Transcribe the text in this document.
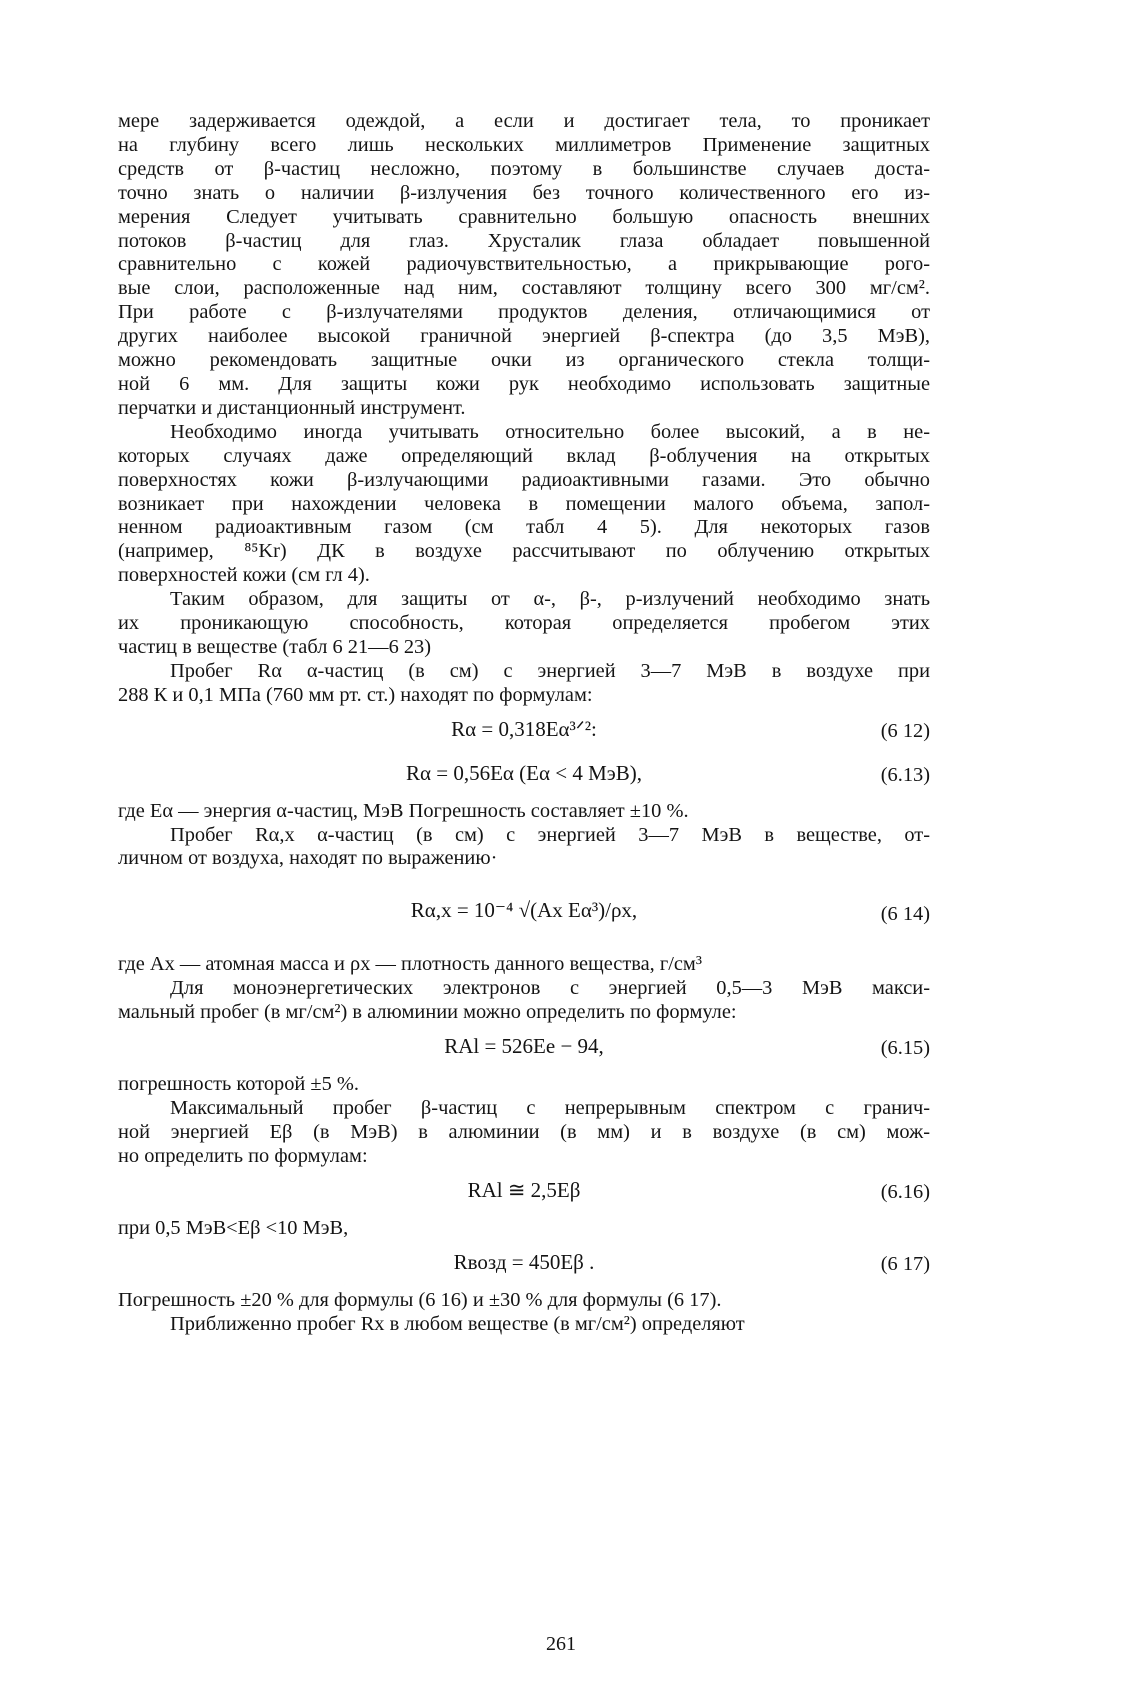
мере задерживается одеждой, а если и достигает тела, то проникает
на глубину всего лишь нескольких миллиметров Применение защитных
средств от β-частиц несложно, поэтому в большинстве случаев доста-
точно знать о наличии β-излучения без точного количественного его из-
мерения Следует учитывать сравнительно большую опасность внешних
потоков β-частиц для глаз. Хрусталик глаза обладает повышенной
сравнительно с кожей радиочувствительностью, а прикрывающие рого-
вые слои, расположенные над ним, составляют толщину всего 300 мг/см².
При работе с β-излучателями продуктов деления, отличающимися от
других наиболее высокой граничной энергией β-спектра (до 3,5 МэВ),
можно рекомендовать защитные очки из органического стекла толщи-
ной 6 мм. Для защиты кожи рук необходимо использовать защитные
перчатки и дистанционный инструмент.
Необходимо иногда учитывать относительно более высокий, а в не-
которых случаях даже определяющий вклад β-облучения на открытых
поверхностях кожи β-излучающими радиоактивными газами. Это обычно
возникает при нахождении человека в помещении малого объема, запол-
ненном радиоактивным газом (см табл 4 5). Для некоторых газов
(например, ⁸⁵Kr) ДК в воздухе рассчитывают по облучению открытых
поверхностей кожи (см гл 4).
Таким образом, для защиты от α-, β-, p-излучений необходимо знать
их проникающую способность, которая определяется пробегом этих
частиц в веществе (табл 6 21—6 23)
Пробег Rα α-частиц (в см) с энергией 3—7 МэВ в воздухе при
288 К и 0,1 МПа (760 мм рт. ст.) находят по формулам:
Rα = 0,318Eα³ᐟ²:	(6 12)
Rα = 0,56Eα (Eα < 4 МэВ),	(6.13)
где Eα — энергия α-частиц, МэВ Погрешность составляет ±10 %.
Пробег Rα,x α-частиц (в см) с энергией 3—7 МэВ в веществе, от-
личном от воздуха, находят по выражению·
Rα,x = 10⁻⁴ √(Ax Eα³)/ρx,	(6 14)
где Ax — атомная масса и ρx — плотность данного вещества, г/см³
Для моноэнергетических электронов с энергией 0,5—3 МэВ макси-
мальный пробег (в мг/см²) в алюминии можно определить по формуле:
RAl = 526Ee − 94,	(6.15)
погрешность которой ±5 %.
Максимальный пробег β-частиц с непрерывным спектром с гранич-
ной энергией Eβ (в МэВ) в алюминии (в мм) и в воздухе (в см) мож-
но определить по формулам:
RAl ≅ 2,5Eβ	(6.16)
при 0,5 МэВ<Eβ <10 МэВ,
Rвозд = 450Eβ .	(6 17)
Погрешность ±20 % для формулы (6 16) и ±30 % для формулы (6 17).
Приближенно пробег Rx в любом веществе (в мг/см²) определяют
261
